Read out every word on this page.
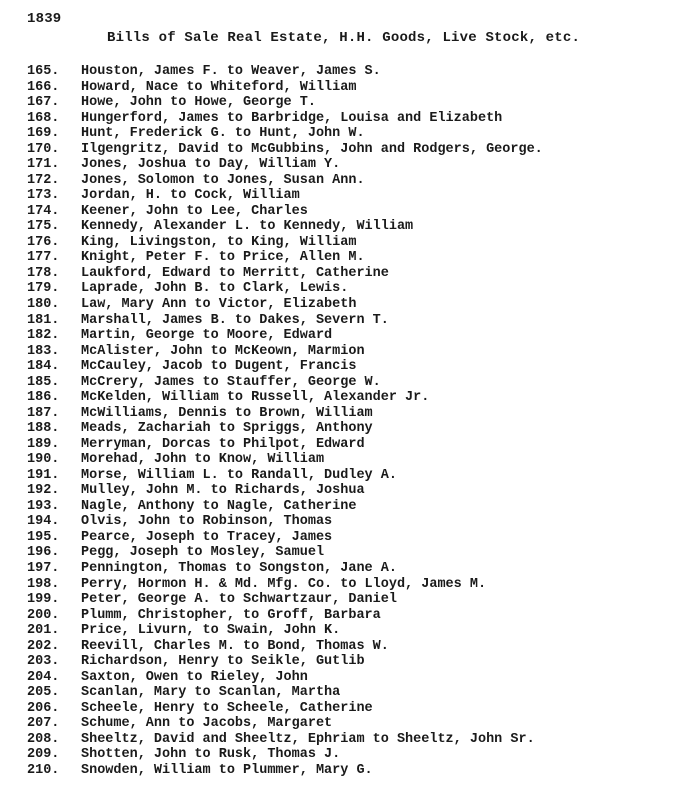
1839
Bills of Sale Real Estate, H.H. Goods, Live Stock, etc.
165.	Houston, James F. to Weaver, James S.
166.	Howard, Nace to Whiteford, William
167.	Howe, John to Howe, George T.
168.	Hungerford, James to Barbridge, Louisa and Elizabeth
169.	Hunt, Frederick G. to Hunt, John W.
170.	Ilgengritz, David to McGubbins, John and Rodgers, George.
171.	Jones, Joshua to Day, William Y.
172.	Jones, Solomon to Jones, Susan Ann.
173.	Jordan, H. to Cock, William
174.	Keener, John to Lee, Charles
175.	Kennedy, Alexander L. to Kennedy, William
176.	King, Livingston, to King, William
177.	Knight, Peter F. to Price, Allen M.
178.	Laukford, Edward to Merritt, Catherine
179.	Laprade, John B. to Clark, Lewis.
180.	Law, Mary Ann to Victor, Elizabeth
181.	Marshall, James B. to Dakes, Severn T.
182.	Martin, George to Moore, Edward
183.	McAlister, John to McKeown, Marmion
184.	McCauley, Jacob to Dugent, Francis
185.	McCrery, James to Stauffer, George W.
186.	McKelden, William to Russell, Alexander Jr.
187.	McWilliams, Dennis to Brown, William
188.	Meads, Zachariah to Spriggs, Anthony
189.	Merryman, Dorcas to Philpot, Edward
190.	Morehad, John to Know, William
191.	Morse, William L. to Randall, Dudley A.
192.	Mulley, John M. to Richards, Joshua
193.	Nagle, Anthony to Nagle, Catherine
194.	Olvis, John to Robinson, Thomas
195.	Pearce, Joseph to Tracey, James
196.	Pegg, Joseph to Mosley, Samuel
197.	Pennington, Thomas to Songston, Jane A.
198.	Perry, Hormon H. & Md. Mfg. Co. to Lloyd, James M.
199.	Peter, George A. to Schwartzaur, Daniel
200.	Plumm, Christopher, to Groff, Barbara
201.	Price, Livurn, to Swain, John K.
202.	Reevill, Charles M. to Bond, Thomas W.
203.	Richardson, Henry to Seikle, Gutlib
204.	Saxton, Owen to Rieley, John
205.	Scanlan, Mary to Scanlan, Martha
206.	Scheele, Henry to Scheele, Catherine
207.	Schume, Ann to Jacobs, Margaret
208.	Sheeltz, David and Sheeltz, Ephriam to Sheeltz, John Sr.
209.	Shotten, John to Rusk, Thomas J.
210.	Snowden, William to Plummer, Mary G.
